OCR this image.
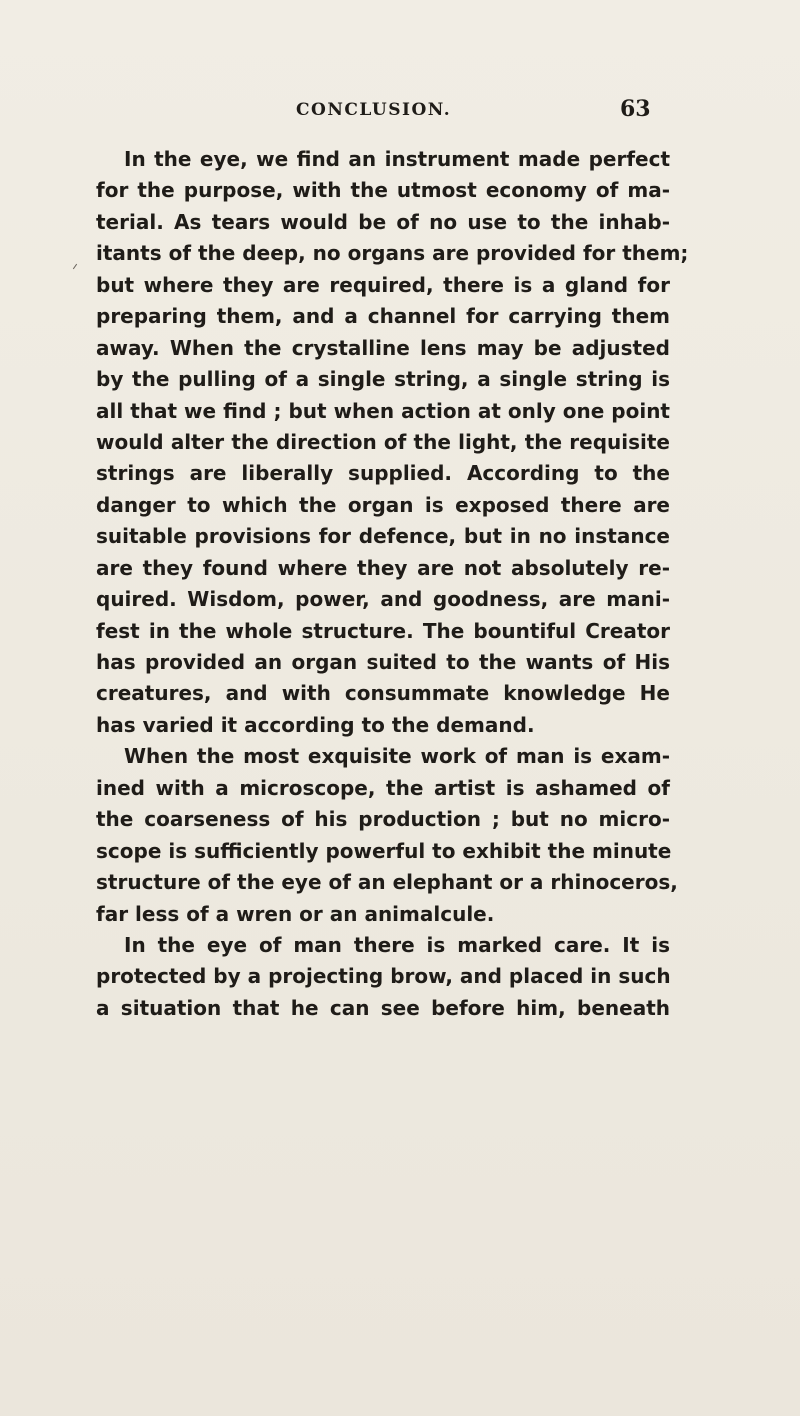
CONCLUSION.	63
In the eye, we find an instrument made perfect
for the purpose, with the utmost economy of ma-
terial. As tears would be of no use to the inhab-
itants of the deep, no organs are provided for them;
but where they are required, there is a gland for
preparing them, and a channel for carrying them
away. When the crystalline lens may be adjusted
by the pulling of a single string, a single string is
all that we find ; but when action at only one point
would alter the direction of the light, the requisite
strings are liberally supplied. According to the
danger to which the organ is exposed there are
suitable provisions for defence, but in no instance
are they found where they are not absolutely re-
quired. Wisdom, power, and goodness, are mani-
fest in the whole structure. The bountiful Creator
has provided an organ suited to the wants of His
creatures, and with consummate knowledge He
has varied it according to the demand.
When the most exquisite work of man is exam-
ined with a microscope, the artist is ashamed of
the coarseness of his production ; but no micro-
scope is sufficiently powerful to exhibit the minute
structure of the eye of an elephant or a rhinoceros,
far less of a wren or an animalcule.
In the eye of man there is marked care. It is
protected by a projecting brow, and placed in such
a situation that he can see before him, beneath
